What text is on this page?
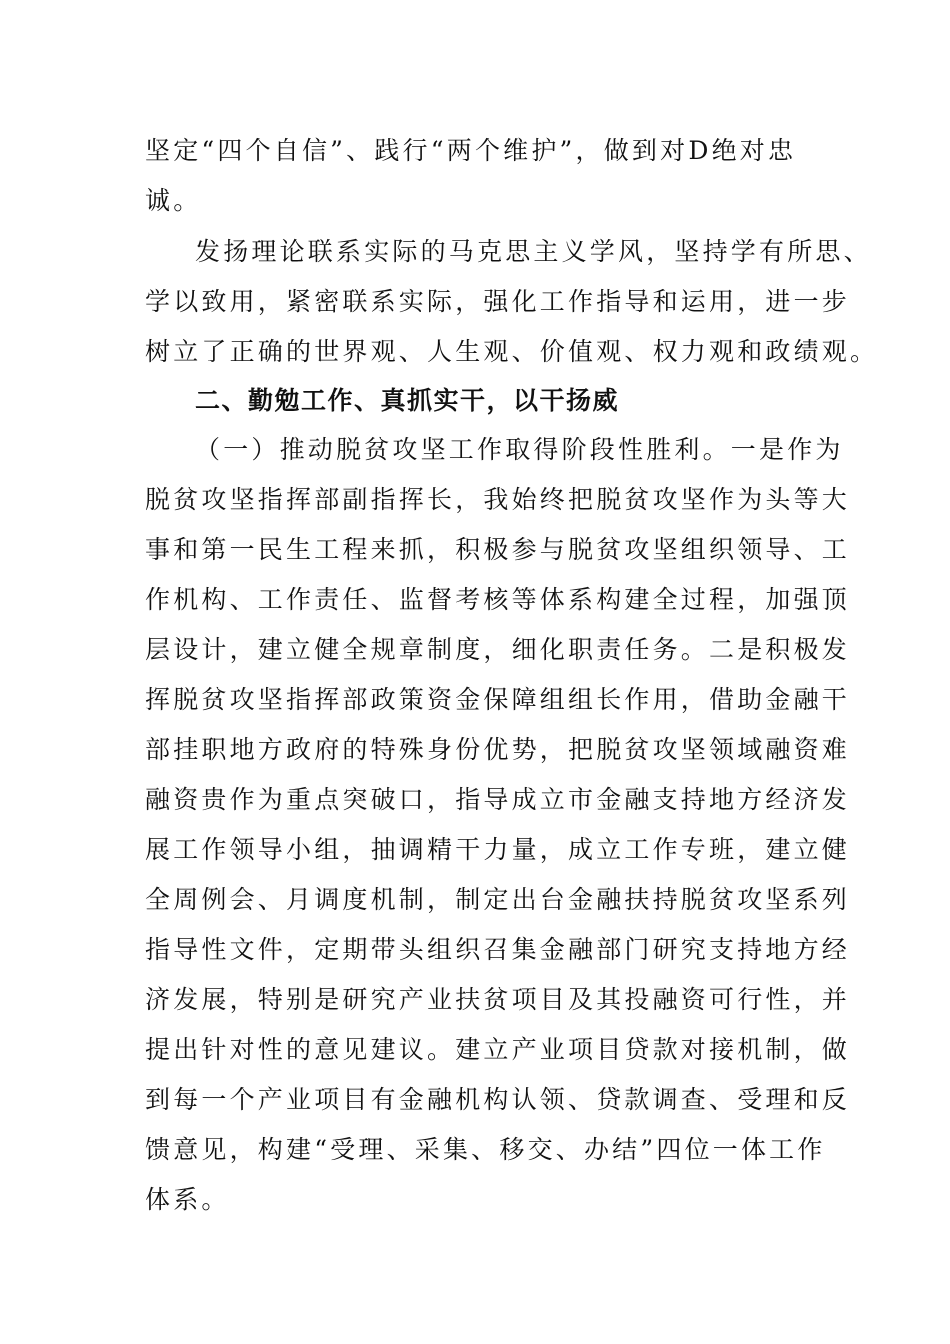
坚定“四个自信”、践行“两个维护”，做到对D绝对忠
诚。
发扬理论联系实际的马克思主义学风，坚持学有所思、
学以致用，紧密联系实际，强化工作指导和运用，进一步
树立了正确的世界观、人生观、价值观、权力观和政绩观。
二、勤勉工作、真抓实干，以干扬威
（一）推动脱贫攻坚工作取得阶段性胜利。一是作为
脱贫攻坚指挥部副指挥长，我始终把脱贫攻坚作为头等大
事和第一民生工程来抓，积极参与脱贫攻坚组织领导、工
作机构、工作责任、监督考核等体系构建全过程，加强顶
层设计，建立健全规章制度，细化职责任务。二是积极发
挥脱贫攻坚指挥部政策资金保障组组长作用，借助金融干
部挂职地方政府的特殊身份优势，把脱贫攻坚领域融资难
融资贵作为重点突破口，指导成立市金融支持地方经济发
展工作领导小组，抽调精干力量，成立工作专班，建立健
全周例会、月调度机制，制定出台金融扶持脱贫攻坚系列
指导性文件，定期带头组织召集金融部门研究支持地方经
济发展，特别是研究产业扶贫项目及其投融资可行性，并
提出针对性的意见建议。建立产业项目贷款对接机制，做
到每一个产业项目有金融机构认领、贷款调查、受理和反
馈意见，构建“受理、采集、移交、办结”四位一体工作
体系。
